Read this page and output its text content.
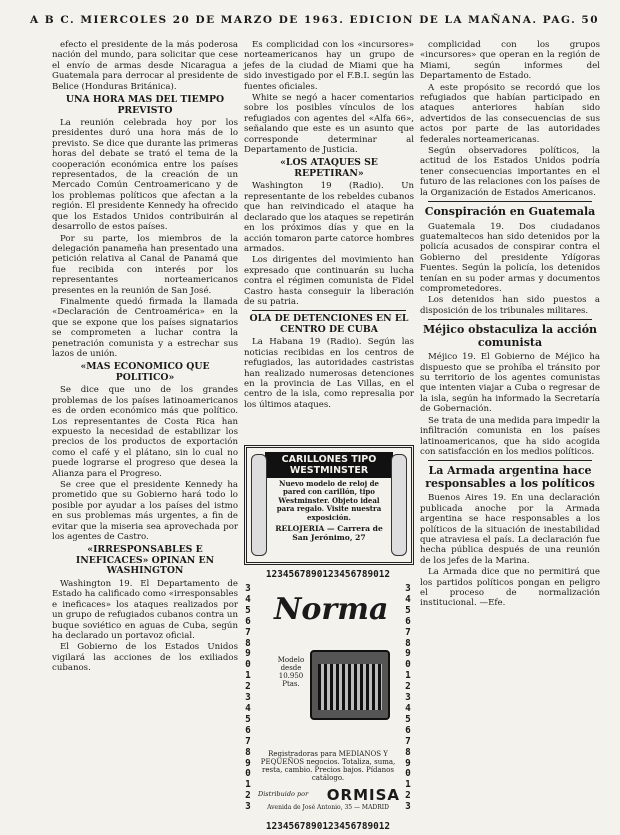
A B C. MIERCOLES 20 DE MARZO DE 1963. EDICION DE LA MAÑANA. PAG. 50

efecto el presidente de la más poderosa nación del mundo, para solicitar que cese el envío de armas desde Nicaragua a Guatemala para derrocar al presidente de Belice (Honduras Británica).

UNA HORA MAS DEL TIEMPO PREVISTO

La reunión celebrada hoy por los presidentes duró una hora más de lo previsto. Se dice que durante las primeras horas del debate se trató el tema de la cooperación económica entre los países representados, de la creación de un Mercado Común Centroamericano y de los problemas políticos que afectan a la región. El presidente Kennedy ha ofrecido que los Estados Unidos contribuirán al desarrollo de estos países.

Por su parte, los miembros de la delegación panameña han presentado una petición relativa al Canal de Panamá que fue recibida con interés por los representantes norteamericanos presentes en la reunión de San José.

Finalmente quedó firmada la llamada «Declaración de Centroamérica» en la que se expone que los países signatarios se comprometen a luchar contra la penetración comunista y a estrechar sus lazos de unión.

«MAS ECONOMICO QUE POLITICO»

Se dice que uno de los grandes problemas de los países latinoamericanos es de orden económico más que político. Los representantes de Costa Rica han expuesto la necesidad de estabilizar los precios de los productos de exportación como el café y el plátano, sin lo cual no puede lograrse el progreso que desea la Alianza para el Progreso.

Se cree que el presidente Kennedy ha prometido que su Gobierno hará todo lo posible por ayudar a los países del istmo en sus problemas más urgentes, a fin de evitar que la miseria sea aprovechada por los agentes de Castro.

«IRRESPONSABLES E INEFICACES» OPINAN EN WASHINGTON

Washington 19. El Departamento de Estado ha calificado como «irresponsables e ineficaces» los ataques realizados por un grupo de refugiados cubanos contra un buque soviético en aguas de Cuba, según ha declarado un portavoz oficial.

El Gobierno de los Estados Unidos vigilará las acciones de los exiliados cubanos.

Es complicidad con los «incursores» norteamericanos hay un grupo de jefes de la ciudad de Miami que ha sido investigado por el F.B.I. según las fuentes oficiales.

White se negó a hacer comentarios sobre los posibles vínculos de los refugiados con agentes del «Alfa 66», señalando que este es un asunto que corresponde determinar al Departamento de Justicia.

«LOS ATAQUES SE REPETIRAN»

Washington 19 (Radio). Un representante de los rebeldes cubanos que han reivindicado el ataque ha declarado que los ataques se repetirán en los próximos días y que en la acción tomaron parte catorce hombres armados.

Los dirigentes del movimiento han expresado que continuarán su lucha contra el régimen comunista de Fidel Castro hasta conseguir la liberación de su patria.

OLA DE DETENCIONES EN EL CENTRO DE CUBA

La Habana 19 (Radio). Según las noticias recibidas en los centros de refugiados, las autoridades castristas han realizado numerosas detenciones en la provincia de Las Villas, en el centro de la isla, como represalia por los últimos ataques.

CARILLONES TIPO WESTMINSTER
Nuevo modelo de reloj de pared con carillón, tipo Westminster. Objeto ideal para regalo. Visite nuestra exposición.
RELOJERIA — Carrera de San Jerónimo, 27
1234567890123456789012
3
4
5
6
7
8
9
0
1
2
3
4
5
6
7
8
9
0
1
2
3
3
4
5
6
7
8
9
0
1
2
3
4
5
6
7
8
9
0
1
2
3
Norma
Modelo desde 10.950 Ptas.
Registradoras para MEDIANOS Y PEQUEÑOS negocios. Totaliza, suma, resta, cambio. Precios bajos. Pídanos catálogo.
Distribuido por	ORMISA
Avenida de José Antonio, 35 — MADRID
1234567890123456789012

complicidad con los grupos «incursores» que operan en la región de Miami, según informes del Departamento de Estado.

A este propósito se recordó que los refugiados que habían participado en ataques anteriores habían sido advertidos de las consecuencias de sus actos por parte de las autoridades federales norteamericanas.

Según observadores políticos, la actitud de los Estados Unidos podría tener consecuencias importantes en el futuro de las relaciones con los países de la Organización de Estados Americanos.

Conspiración en Guatemala

Guatemala 19. Dos ciudadanos guatemaltecos han sido detenidos por la policía acusados de conspirar contra el Gobierno del presidente Ydígoras Fuentes. Según la policía, los detenidos tenían en su poder armas y documentos comprometedores.

Los detenidos han sido puestos a disposición de los tribunales militares.

Méjico obstaculiza la acción comunista

Méjico 19. El Gobierno de Méjico ha dispuesto que se prohíba el tránsito por su territorio de los agentes comunistas que intenten viajar a Cuba o regresar de la isla, según ha informado la Secretaría de Gobernación.

Se trata de una medida para impedir la infiltración comunista en los países latinoamericanos, que ha sido acogida con satisfacción en los medios políticos.

La Armada argentina hace responsables a los políticos

Buenos Aires 19. En una declaración publicada anoche por la Armada argentina se hace responsables a los políticos de la situación de inestabilidad que atraviesa el país. La declaración fue hecha pública después de una reunión de los jefes de la Marina.

La Armada dice que no permitirá que los partidos políticos pongan en peligro el proceso de normalización institucional. —Efe.
